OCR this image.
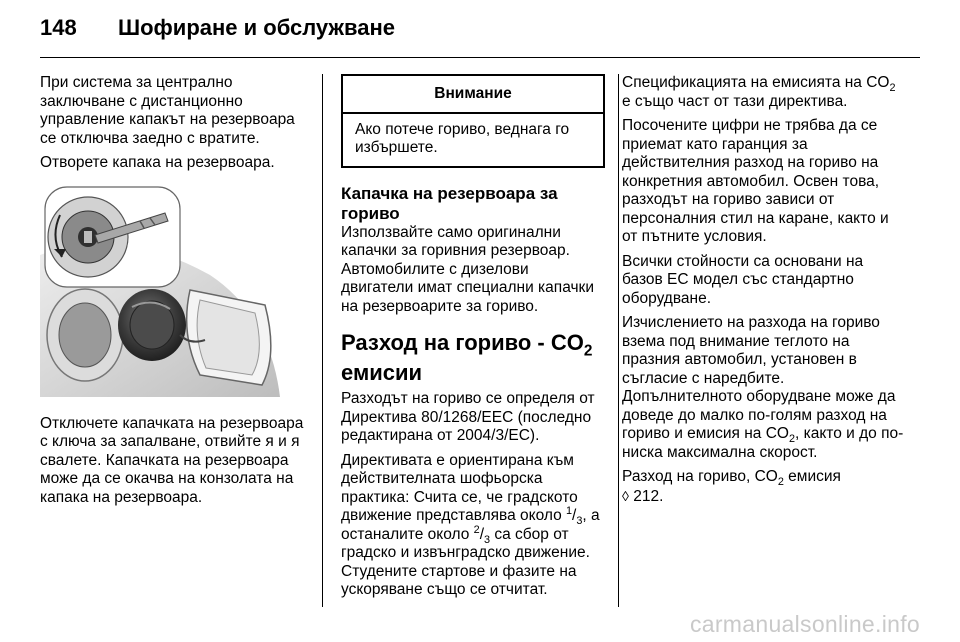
148	Шофиране и обслужване

При система за централно заключване с дистанционно управление капакът на резервоара се отключва заедно с вратите.

Отворете капака на резервоара.

Отключете капачката на резервоара с ключа за запалване, отвийте я и я свалете. Капачката на резервоара може да се окачва на конзолата на капака на резервоара.

Внимание
Ако потече гориво, веднага го избършете.
Капачка на резервоара за гориво

Използвайте само оригинални капачки за горивния резервоар. Автомобилите с дизелови двигатели имат специални капачки на резервоарите за гориво.

Разход на гориво - $CO_2$
емисии

Разходът на гориво се определя от Директива 80/1268/EEC (последно редактирана от 2004/3/EC).

Директивата е ориентирана към действителната шофьорска практика: Счита се, че градското движение представлява около $^1/_3$, а останалите около $^2/_3$ са сбор от градско и извънградско движение. Студените стартове и фазите на ускоряване също се отчитат.

Спецификацията на емисията на $CO_2$ е също част от тази директива.

Посочените цифри не трябва да се приемат като гаранция за действителния разход на гориво на конкретния автомобил. Освен това, разходът на гориво зависи от персоналния стил на каране, както и от пътните условия.

Всички стойности са основани на базов ЕС модел със стандартно оборудване.

Изчислението на разхода на гориво взема под внимание теглото на празния автомобил, установен в съгласие с наредбите. Допълнителното оборудване може да доведе до малко по-голям разход на гориво и емисия на $CO_2$, както и до по-ниска максимална скорост.

Разход на гориво, $CO_2$ емисия
◊ 212.

carmanualsonline.info
